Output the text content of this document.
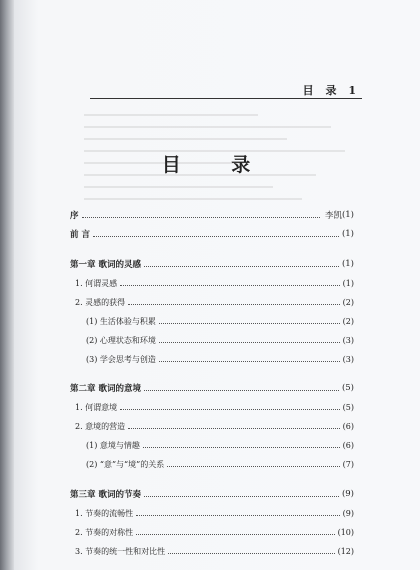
目 录 1
目 录
序	李凯 (1)
前 言	(1)
第一章 歌词的灵感	(1)
1. 何谓灵感	(1)
2. 灵感的获得	(2)
(1) 生活体验与积累	(2)
(2) 心理状态和环境	(3)
(3) 学会思考与创造	(3)
第二章 歌词的意境	(5)
1. 何谓意境	(5)
2. 意境的营造	(6)
(1) 意境与情趣	(6)
(2) “意”与“境”的关系	(7)
第三章 歌词的节奏	(9)
1. 节奏的流畅性	(9)
2. 节奏的对称性	(10)
3. 节奏的统一性和对比性	(12)
